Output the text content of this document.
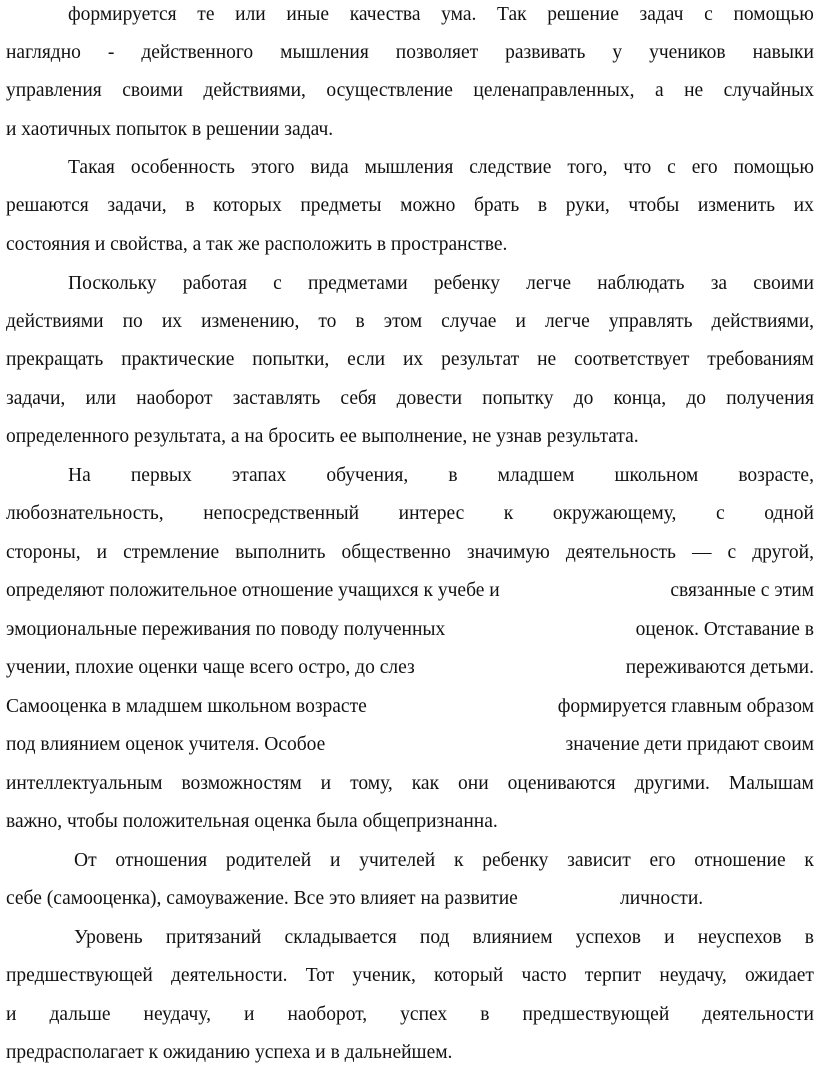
формируется те или иные качества ума. Так решение задач с помощью
наглядно - действенного мышления позволяет развивать у учеников навыки
управления своими действиями, осуществление целенаправленных, а не случайных
и хаотичных попыток в решении задач.
Такая особенность этого вида мышления следствие того, что с его помощью
решаются задачи, в которых предметы можно брать в руки, чтобы изменить их
состояния и свойства, а так же расположить в пространстве.
Поскольку работая с предметами ребенку легче наблюдать за своими
действиями по их изменению, то в этом случае и легче управлять действиями,
прекращать практические попытки, если их результат не соответствует требованиям
задачи, или наоборот заставлять себя довести попытку до конца, до получения
определенного результата, а на бросить ее выполнение, не узнав результата.
На первых этапах обучения, в младшем школьном возрасте,
любознательность, непосредственный интерес к окружающему, с одной
стороны, и стремление выполнить общественно значимую деятельность — с другой,
определяют положительное отношение учащихся к учебе и	связанные с этим
эмоциональные переживания по поводу полученных	оценок. Отставание в
учении, плохие оценки чаще всего остро, до слез	переживаются детьми.
Самооценка в младшем школьном возрасте	формируется главным образом
под влиянием оценок учителя. Особое	значение дети придают своим
интеллектуальным возможностям и тому, как они оцениваются другими. Малышам
важно, чтобы положительная оценка была общепризнанна.
От отношения родителей и учителей к ребенку зависит его отношение к
себе (самооценка), самоуважение. Все это влияет на развитие	личности.
Уровень притязаний складывается под влиянием успехов и неуспехов в
предшествующей деятельности. Тот ученик, который часто терпит неудачу, ожидает
и дальше неудачу, и наоборот, успех в предшествующей деятельности
предрасполагает к ожиданию успеха и в дальнейшем.
